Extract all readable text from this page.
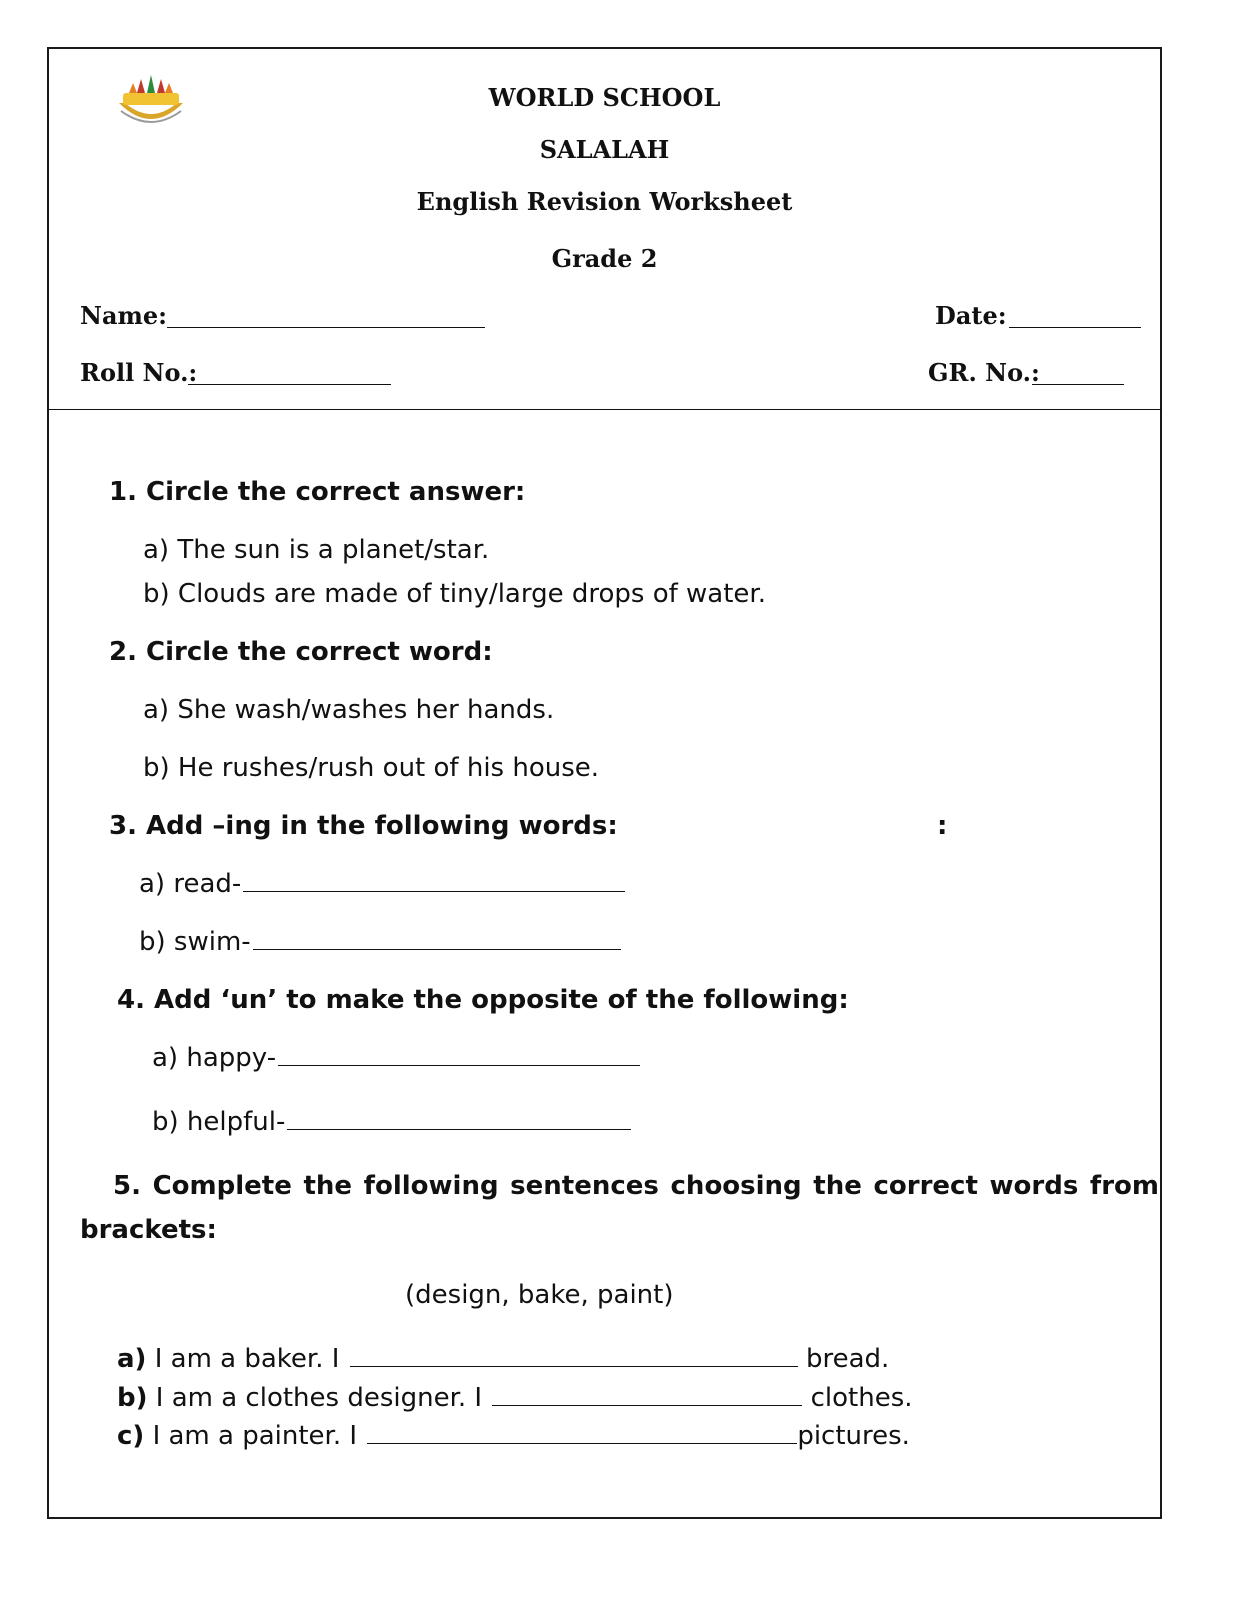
WORLD SCHOOL
SALALAH
English Revision Worksheet
Grade 2
Name:	Date:
Roll No.:	GR. No.:
1. Circle the correct answer:
a) The sun is a planet/star.
b) Clouds are made of tiny/large drops of water.
2. Circle the correct word:
a) She wash/washes her hands.
b) He rushes/rush out of his house.
3. Add –ing in the following words:	:
a) read-
b) swim-
4. Add ‘un’ to make the opposite of the following:
a) happy-
b) helpful-
5. Complete the following sentences choosing the correct words from
brackets:
(design, bake, paint)
a) I am a baker. I	bread.
b) I am a clothes designer. I	clothes.
c) I am a painter. I	pictures.
